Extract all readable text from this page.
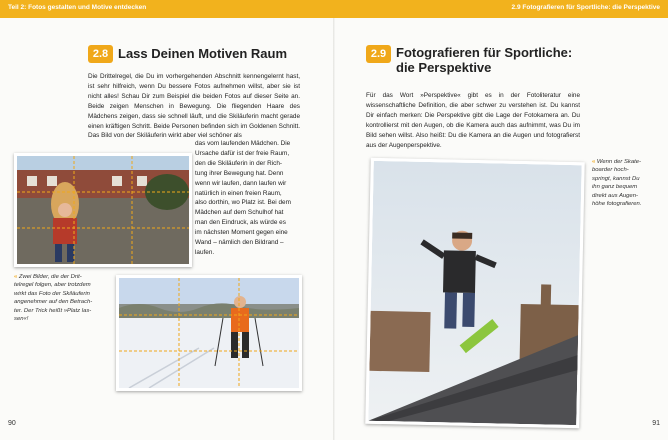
Teil 2: Fotos gestalten und Motive entdecken
2.8 Lass Deinen Motiven Raum

Die Drittelregel, die Du im vorhergehenden Abschnitt kennengelernt hast, ist sehr hilfreich, wenn Du bessere Fotos aufnehmen willst, aber sie ist nicht alles! Schau Dir zum Beispiel die beiden Fotos auf dieser Seite an. Beide zeigen Menschen in Bewegung. Die fliegenden Haare des Mädchens zeigen, dass sie schnell läuft, und die Skiläuferin macht gerade einen kräftigen Schritt. Beide Personen befinden sich im Goldenen Schnitt. Das Bild von der Skiläuferin wirkt aber viel schöner als

das vom laufenden Mädchen. Die
Ursache dafür ist der freie Raum,
den die Skiläuferin in der Rich-
tung ihrer Bewegung hat. Denn
wenn wir laufen, dann laufen wir
natürlich in einen freien Raum,
also dorthin, wo Platz ist. Bei dem
Mädchen auf dem Schulhof hat
man den Eindruck, als würde es
im nächsten Moment gegen eine
Wand – nämlich den Bildrand –
laufen.
« Zwei Bilder, die der Drit-
telregel folgen, aber trotzdem
wirkt das Foto der Skiläuferin
angenehmer auf den Betrach-
ter. Der Trick heißt »Platz las-
sen«!
90
2.9 Fotografieren für Sportliche: die Perspektive
2.9 Fotografieren für Sportliche:
die Perspektive

Für das Wort »Perspektive« gibt es in der Fotoliteratur eine wissenschaftliche Definition, die aber schwer zu verstehen ist. Du kannst Dir einfach merken: Die Perspektive gibt die Lage der Fotokamera an. Du kontrollierst mit den Augen, ob die Kamera auch das aufnimmt, was Du im Bild sehen willst. Also heißt: Du die Kamera an die Augen und fotografierst aus der Augenperspektive.

« Wenn der Skate-
boarder hoch-
springt, kannst Du
ihn ganz bequem
direkt aus Augen-
höhe fotografieren.
91
